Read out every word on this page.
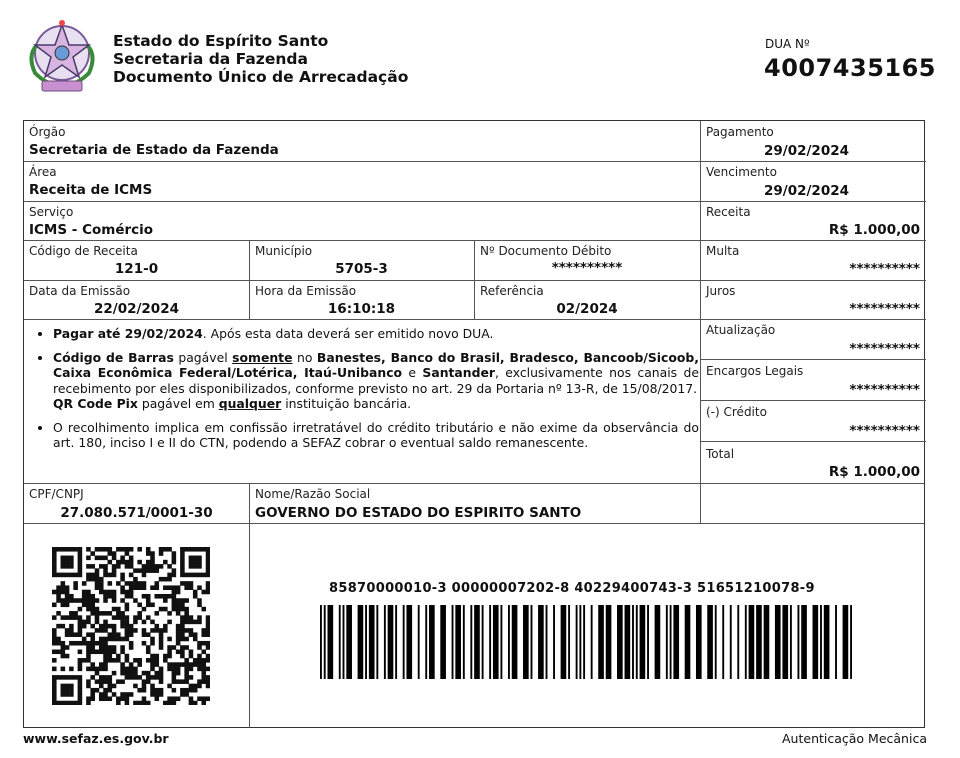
Estado do Espírito Santo
Secretaria da Fazenda
Documento Único de Arrecadação
DUA Nº
4007435165
Órgão
Secretaria de Estado da Fazenda
Pagamento
29/02/2024
Área
Receita de ICMS
Vencimento
29/02/2024
Serviço
ICMS - Comércio
Receita
R$ 1.000,00
Código de Receita
121-0
Município
5705-3
Nº Documento Débito
**********
Multa
**********
Data da Emissão
22/02/2024
Hora da Emissão
16:10:18
Referência
02/2024
Juros
**********
Atualização
**********
Encargos Legais
**********
(-) Crédito
**********
Total
R$ 1.000,00
• Pagar até 29/02/2024. Após esta data deverá ser emitido novo DUA.
• Código de Barras pagável somente no Banestes, Banco do Brasil, Bradesco, Bancoob/Sicoob, Caixa Econômica Federal/Lotérica, Itaú-Unibanco e Santander, exclusivamente nos canais de recebimento por eles disponibilizados, conforme previsto no art. 29 da Portaria nº 13-R, de 15/08/2017.
QR Code Pix pagável em qualquer instituição bancária.
• O recolhimento implica em confissão irretratável do crédito tributário e não exime da observância do art. 180, inciso I e II do CTN, podendo a SEFAZ cobrar o eventual saldo remanescente.
CPF/CNPJ
27.080.571/0001-30
Nome/Razão Social
GOVERNO DO ESTADO DO ESPIRITO SANTO
85870000010-3 00000007202-8 40229400743-3 51651210078-9
www.sefaz.es.gov.br	Autenticação Mecânica
